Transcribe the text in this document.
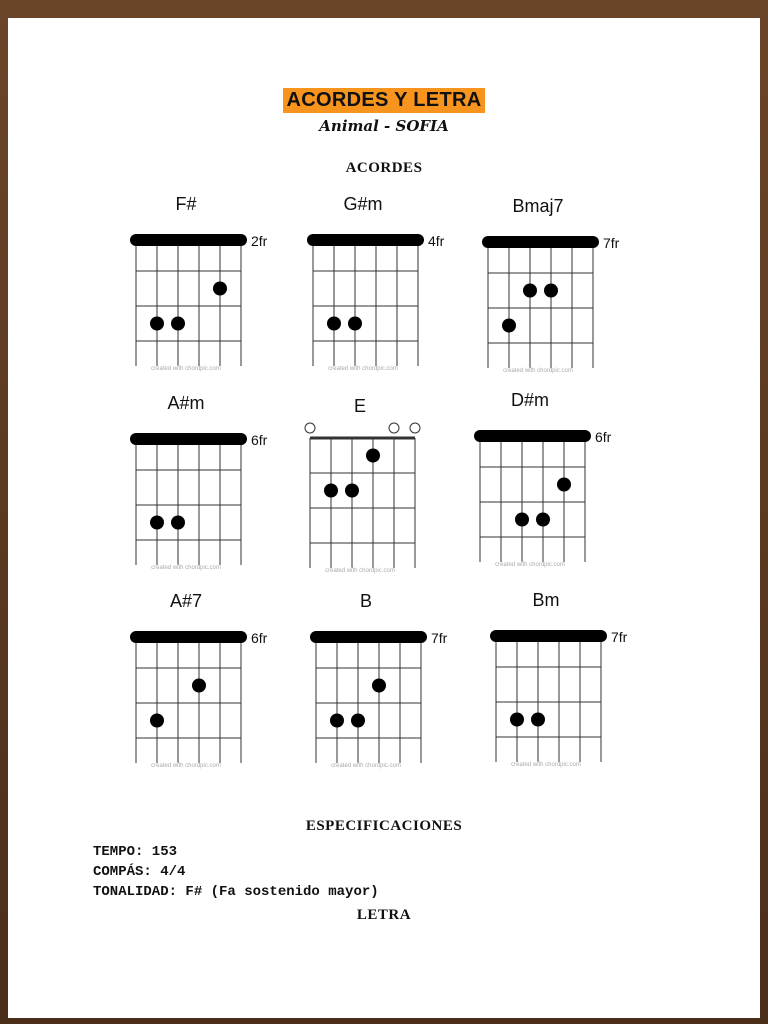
ACORDES Y LETRA
Animal - SOFIA
ACORDES
F#
2fr
created with chordpic.com
G#m
4fr
created with chordpic.com
Bmaj7
7fr
created with chordpic.com
A#m
6fr
created with chordpic.com
E
created with chordpic.com
D#m
6fr
created with chordpic.com
A#7
6fr
created with chordpic.com
B
7fr
created with chordpic.com
Bm
7fr
created with chordpic.com
ESPECIFICACIONES
TEMPO: 153
COMPÁS: 4/4
TONALIDAD: F# (Fa sostenido mayor)
LETRA
